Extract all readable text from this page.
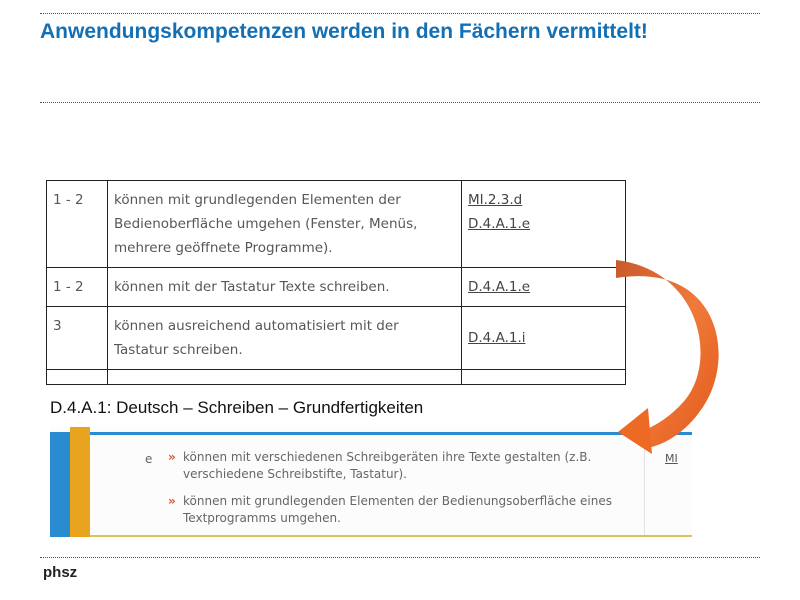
Anwendungskompetenzen werden in den Fächern vermittelt!
1 - 2	können mit grundlegenden Elementen der Bedienoberfläche umgehen (Fenster, Menüs, mehrere geöffnete Programme).	MI.2.3.d
D.4.A.1.e

1 - 2	können mit der Tastatur Texte schreiben.	D.4.A.1.e

3	können ausreichend automatisiert mit der Tastatur schreiben.	D.4.A.1.i

D.4.A.1: Deutsch – Schreiben – Grundfertigkeiten

e » können mit verschiedenen Schreibgeräten ihre Texte gestalten (z.B. verschiedene Schreibstifte, Tastatur).
» können mit grundlegenden Elementen der Bedienungsoberfläche eines Textprogramms umgehen.
MI
phsz
